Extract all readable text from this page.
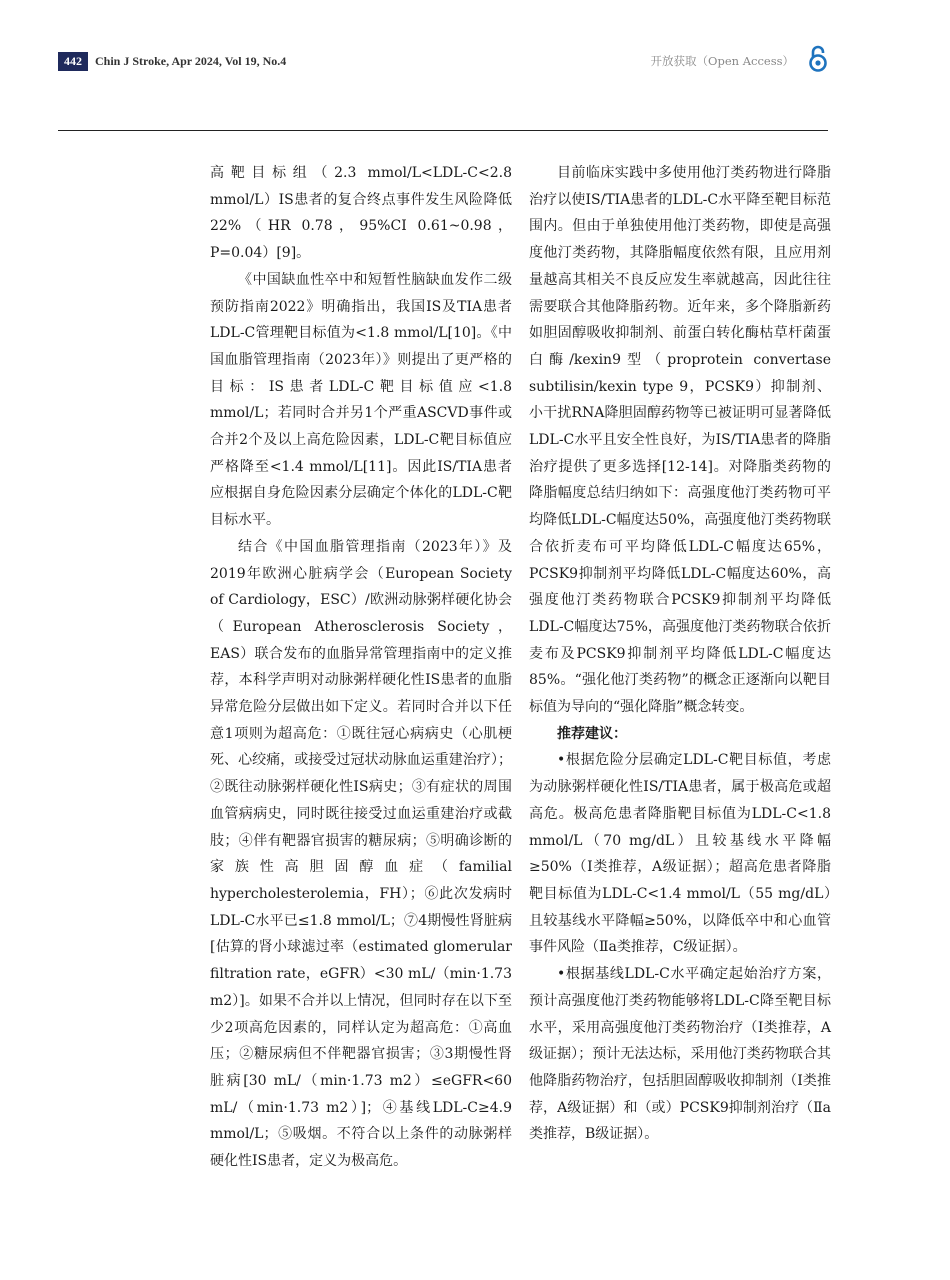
442	Chin J Stroke, Apr 2024, Vol 19, No.4	开放获取（Open Access）

高靶目标组（2.3 mmol/L<LDL-C<2.8 mmol/L）IS患者的复合终点事件发生风险降低22%（HR 0.78，95%CI 0.61~0.98，P=0.04）[9]。

《中国缺血性卒中和短暂性脑缺血发作二级预防指南2022》明确指出，我国IS及TIA患者LDL-C管理靶目标值为<1.8 mmol/L[10]。《中国血脂管理指南（2023年）》则提出了更严格的目标：IS患者LDL-C靶目标值应<1.8 mmol/L；若同时合并另1个严重ASCVD事件或合并2个及以上高危险因素，LDL-C靶目标值应严格降至<1.4 mmol/L[11]。因此IS/TIA患者应根据自身危险因素分层确定个体化的LDL-C靶目标水平。

结合《中国血脂管理指南（2023年）》及2019年欧洲心脏病学会（European Society of Cardiology，ESC）/欧洲动脉粥样硬化协会（European Atherosclerosis Society，EAS）联合发布的血脂异常管理指南中的定义推荐，本科学声明对动脉粥样硬化性IS患者的血脂异常危险分层做出如下定义。若同时合并以下任意1项则为超高危：①既往冠心病病史（心肌梗死、心绞痛，或接受过冠状动脉血运重建治疗）；②既往动脉粥样硬化性IS病史；③有症状的周围血管病病史，同时既往接受过血运重建治疗或截肢；④伴有靶器官损害的糖尿病；⑤明确诊断的家族性高胆固醇血症（familial hypercholesterolemia，FH）；⑥此次发病时LDL-C水平已≤1.8 mmol/L；⑦4期慢性肾脏病[估算的肾小球滤过率（estimated glomerular filtration rate，eGFR）<30 mL/（min·1.73 m2）]。如果不合并以上情况，但同时存在以下至少2项高危因素的，同样认定为超高危：①高血压；②糖尿病但不伴靶器官损害；③3期慢性肾脏病[30 mL/（min·1.73 m2）≤eGFR<60 mL/（min·1.73 m2）]；④基线LDL-C≥4.9 mmol/L；⑤吸烟。不符合以上条件的动脉粥样硬化性IS患者，定义为极高危。

目前临床实践中多使用他汀类药物进行降脂治疗以使IS/TIA患者的LDL-C水平降至靶目标范围内。但由于单独使用他汀类药物，即使是高强度他汀类药物，其降脂幅度依然有限，且应用剂量越高其相关不良反应发生率就越高，因此往往需要联合其他降脂药物。近年来，多个降脂新药如胆固醇吸收抑制剂、前蛋白转化酶枯草杆菌蛋白酶/kexin9型（proprotein convertase subtilisin/kexin type 9，PCSK9）抑制剂、小干扰RNA降胆固醇药物等已被证明可显著降低LDL-C水平且安全性良好，为IS/TIA患者的降脂治疗提供了更多选择[12-14]。对降脂类药物的降脂幅度总结归纳如下：高强度他汀类药物可平均降低LDL-C幅度达50%，高强度他汀类药物联合依折麦布可平均降低LDL-C幅度达65%，PCSK9抑制剂平均降低LDL-C幅度达60%，高强度他汀类药物联合PCSK9抑制剂平均降低LDL-C幅度达75%，高强度他汀类药物联合依折麦布及PCSK9抑制剂平均降低LDL-C幅度达85%。“强化他汀类药物”的概念正逐渐向以靶目标值为导向的“强化降脂”概念转变。

推荐建议：

•根据危险分层确定LDL-C靶目标值，考虑为动脉粥样硬化性IS/TIA患者，属于极高危或超高危。极高危患者降脂靶目标值为LDL-C<1.8 mmol/L（70 mg/dL）且较基线水平降幅≥50%（Ⅰ类推荐，A级证据）；超高危患者降脂靶目标值为LDL-C<1.4 mmol/L（55 mg/dL）且较基线水平降幅≥50%，以降低卒中和心血管事件风险（Ⅱa类推荐，C级证据）。

•根据基线LDL-C水平确定起始治疗方案，预计高强度他汀类药物能够将LDL-C降至靶目标水平，采用高强度他汀类药物治疗（Ⅰ类推荐，A级证据）；预计无法达标，采用他汀类药物联合其他降脂药物治疗，包括胆固醇吸收抑制剂（Ⅰ类推荐，A级证据）和（或）PCSK9抑制剂治疗（Ⅱa类推荐，B级证据）。
